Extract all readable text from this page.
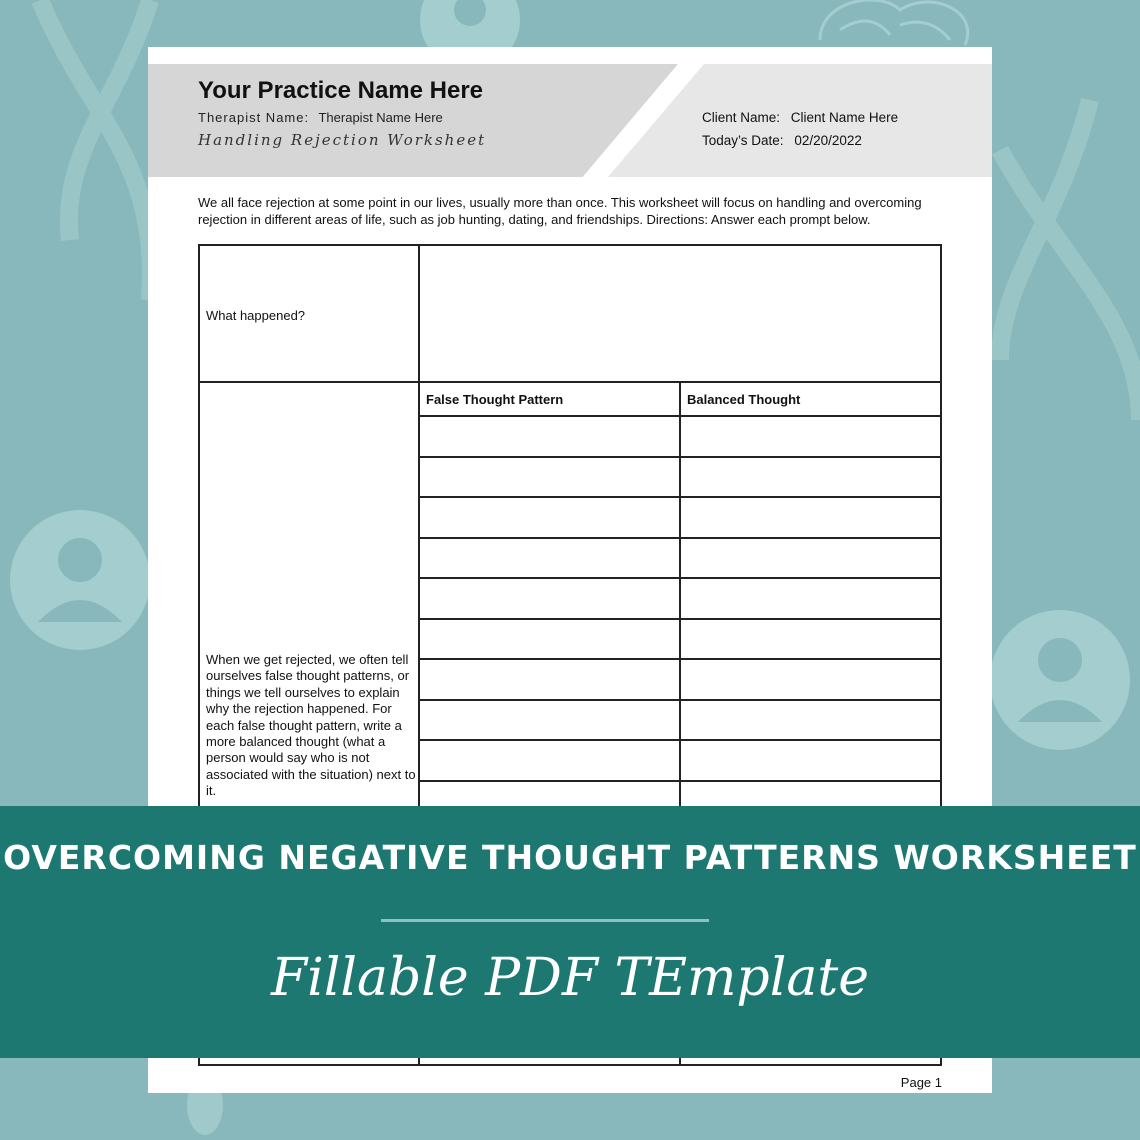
Your Practice Name Here
Therapist Name: Therapist Name Here
Handling Rejection Worksheet
Client Name: Client Name Here
Today’s Date: 02/20/2022
We all face rejection at some point in our lives, usually more than once. This worksheet will focus on handling and overcoming rejection in different areas of life, such as job hunting, dating, and friendships. Directions: Answer each prompt below.
What happened?
False Thought Pattern	Balanced Thought
When we get rejected, we often tell ourselves false thought patterns, or things we tell ourselves to explain why the rejection happened. For each false thought pattern, write a more balanced thought (what a person would say who is not associated with the situation) next to it.
Page 1
OVERCOMING NEGATIVE THOUGHT PATTERNS WORKSHEET
Fillable PDF TEmplate
